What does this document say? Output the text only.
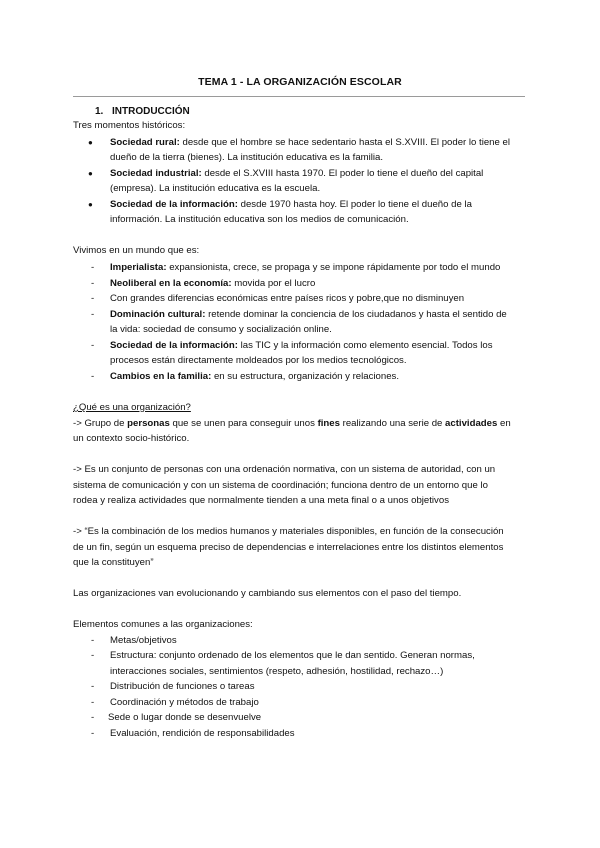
TEMA 1 - LA ORGANIZACIÓN ESCOLAR
1. INTRODUCCIÓN
Tres momentos históricos:
● Sociedad rural: desde que el hombre se hace sedentario hasta el S.XVIII. El poder lo tiene el
dueño de la tierra (bienes). La institución educativa es la familia.
● Sociedad industrial: desde el S.XVIII hasta 1970. El poder lo tiene el dueño del capital
(empresa). La institución educativa es la escuela.
● Sociedad de la información: desde 1970 hasta hoy. El poder lo tiene el dueño de la
información. La institución educativa son los medios de comunicación.
Vivimos en un mundo que es:
- Imperialista: expansionista, crece, se propaga y se impone rápidamente por todo el mundo
- Neoliberal en la economía: movida por el lucro
- Con grandes diferencias económicas entre países ricos y pobre,que no disminuyen
- Dominación cultural: retende dominar la conciencia de los ciudadanos y hasta el sentido de
la vida: sociedad de consumo y socialización online.
- Sociedad de la información: las TIC y la información como elemento esencial. Todos los
procesos están directamente moldeados por los medios tecnológicos.
- Cambios en la familia: en su estructura, organización y relaciones.
¿Qué es una organización?
-> Grupo de personas que se unen para conseguir unos fines realizando una serie de actividades en
un contexto socio-histórico.
-> Es un conjunto de personas con una ordenación normativa, con un sistema de autoridad, con un
sistema de comunicación y con un sistema de coordinación; funciona dentro de un entorno que lo
rodea y realiza actividades que normalmente tienden a una meta final o a unos objetivos
-> “Es la combinación de los medios humanos y materiales disponibles, en función de la consecución
de un fin, según un esquema preciso de dependencias e interrelaciones entre los distintos elementos
que la constituyen”
Las organizaciones van evolucionando y cambiando sus elementos con el paso del tiempo.
Elementos comunes a las organizaciones:
- Metas/objetivos
- Estructura: conjunto ordenado de los elementos que le dan sentido. Generan normas,
interacciones sociales, sentimientos (respeto, adhesión, hostilidad, rechazo…)
- Distribución de funciones o tareas
- Coordinación y métodos de trabajo
- Sede o lugar donde se desenvuelve
- Evaluación, rendición de responsabilidades
